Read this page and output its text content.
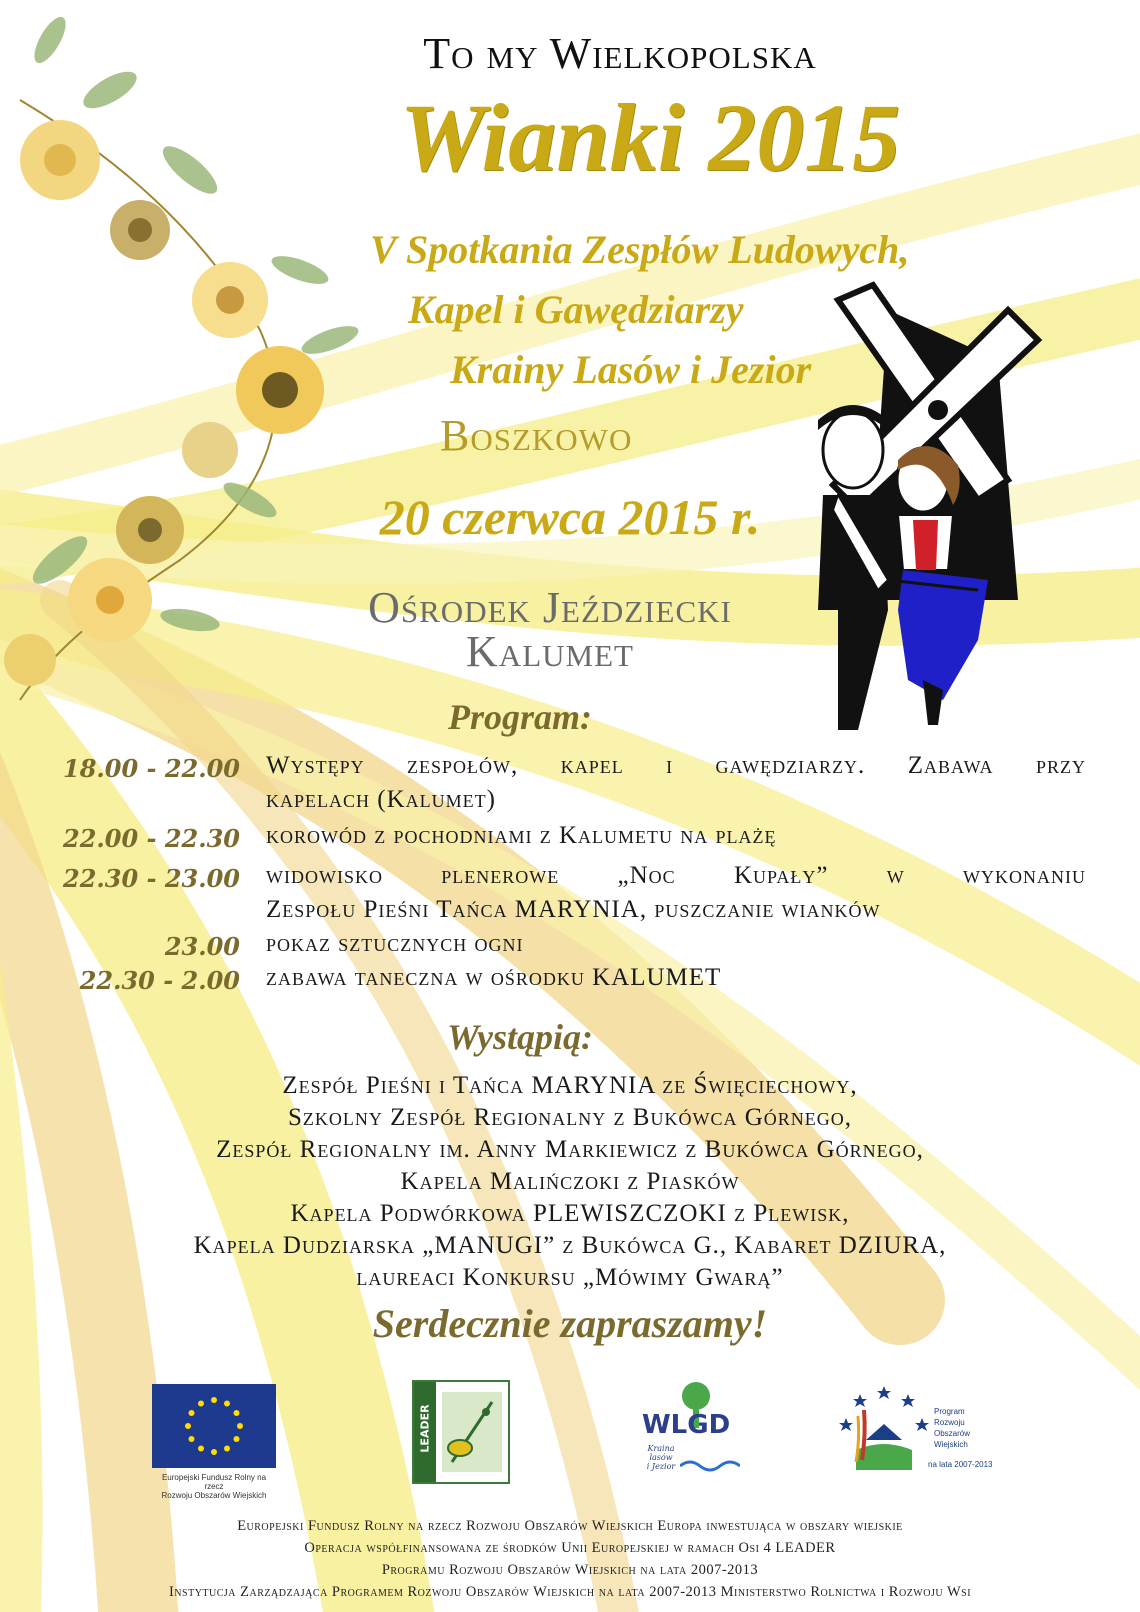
To my Wielkopolska
Wianki 2015
V Spotkania Zespłów Ludowych,
Kapel i Gawędziarzy
Krainy Lasów i Jezior
Boszkowo
20 czerwca 2015 r.
Ośrodek Jeździecki
Kalumet
Program:
18.00 - 22.00 Występy zespołów, kapel i gawędziarzy. Zabawa przy
kapelach (Kalumet)
22.00 - 22.30 korowód z pochodniami z Kalumetu na plażę
22.30 - 23.00 widowisko plenerowe „Noc Kupały” w wykonaniu
Zespołu Pieśni Tańca MARYNIA, puszczanie wianków
23.00 pokaz sztucznych ogni
22.30 - 2.00 zabawa taneczna w ośrodku KALUMET
Wystąpią:
Zespół Pieśni i Tańca MARYNIA ze Święciechowy,
Szkolny Zespół Regionalny z Bukówca Górnego,
Zespół Regionalny im. Anny Markiewicz z Bukówca Górnego,
Kapela Malińczoki z Piasków
Kapela Podwórkowa PLEWISZCZOKI z Plewisk,
Kapela Dudziarska „MANUGI” z Bukówca G., Kabaret DZIURA,
laureaci Konkursu „Mówimy Gwarą”
Serdecznie zapraszamy!
Europejski Fundusz Rolny na rzecz
Rozwoju Obszarów Wiejskich
LEADER	WLGD
Kraina
lasów
i Jezior
Program
Rozwoju
Obszarów
Wiejskich
na lata 2007-2013
Europejski Fundusz Rolny na rzecz Rozwoju Obszarów Wiejskich Europa inwestująca w obszary wiejskie
Operacja współfinansowana ze środków Unii Europejskiej w ramach Osi 4 LEADER
Programu Rozwoju Obszarów Wiejskich na lata 2007-2013
Instytucja Zarządzająca Programem Rozwoju Obszarów Wiejskich na lata 2007-2013 Ministerstwo Rolnictwa i Rozwoju Wsi
